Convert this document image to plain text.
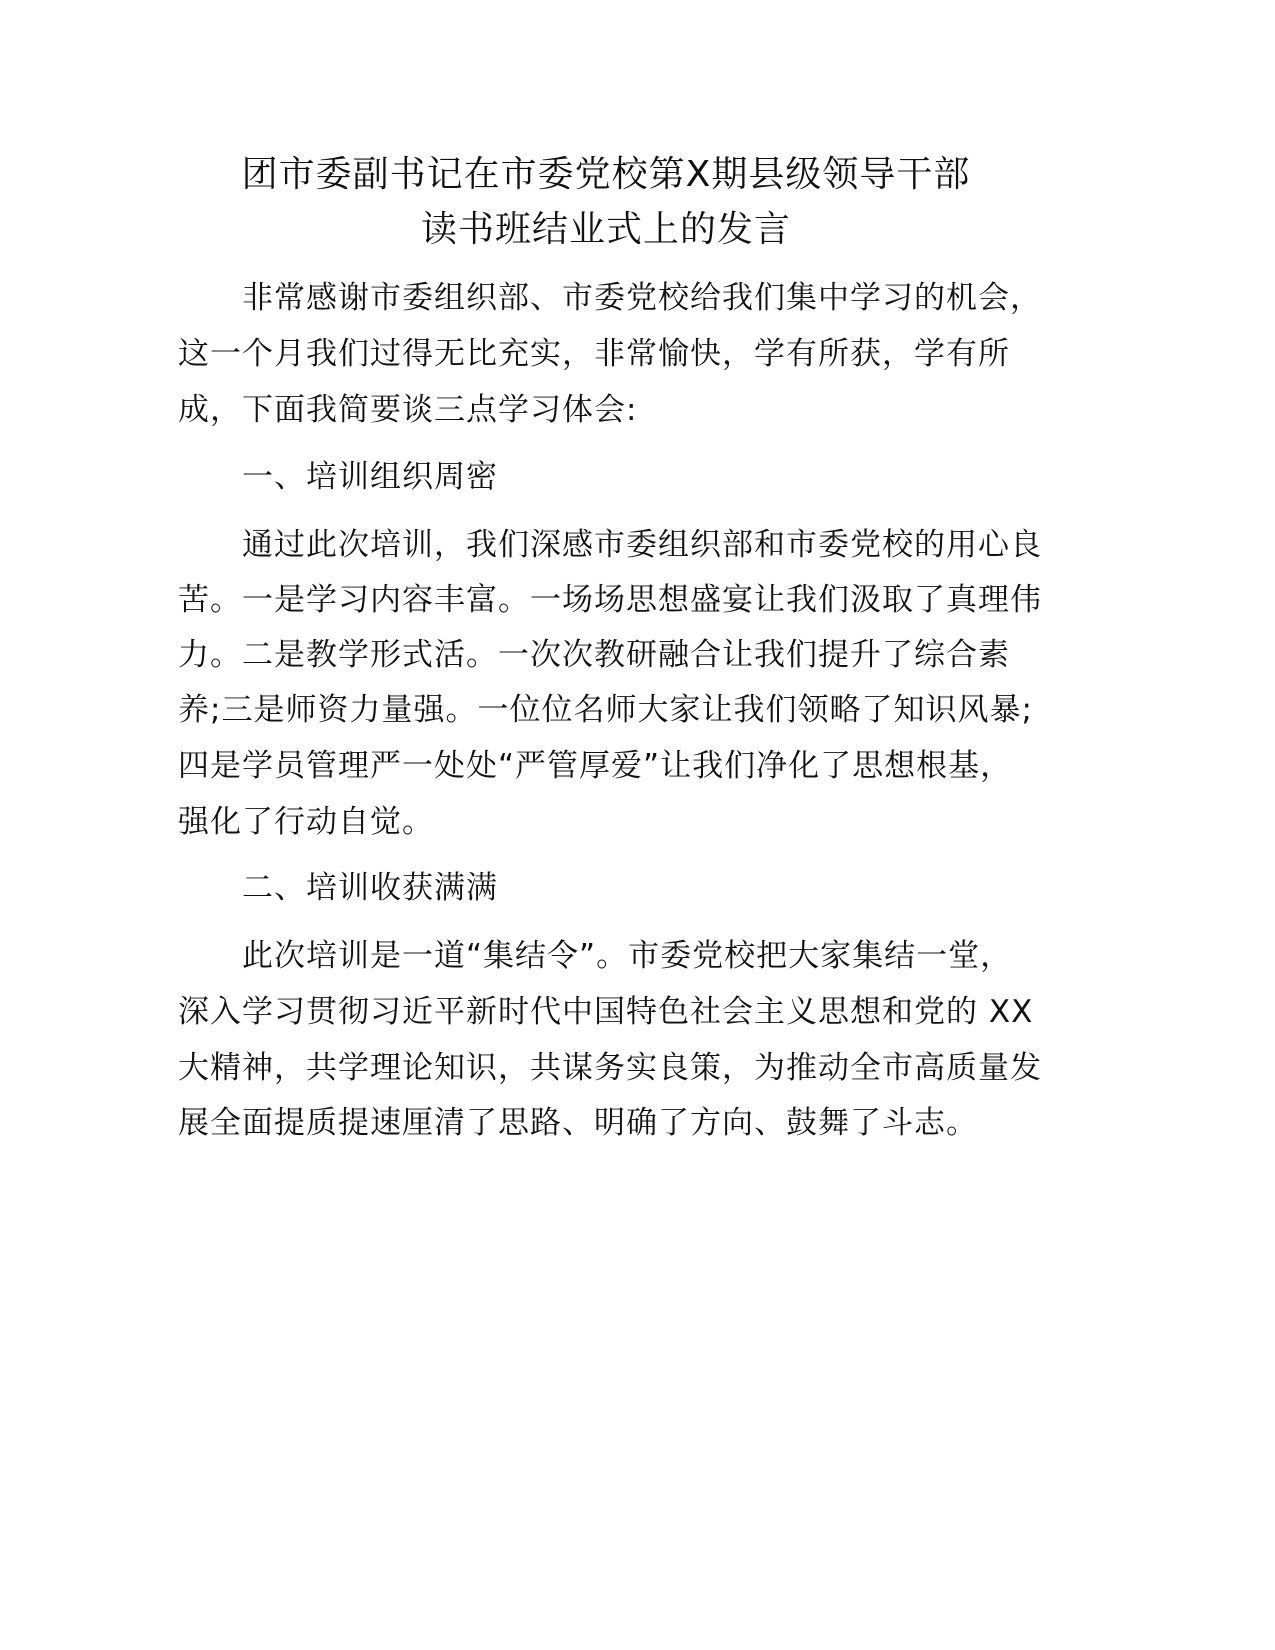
团市委副书记在市委党校第Ⅹ期县级领导干部
读书班结业式上的发言
非常感谢市委组织部、市委党校给我们集中学习的机会，
这一个月我们过得无比充实，非常愉快，学有所获，学有所
成，下面我简要谈三点学习体会:
一、培训组织周密
通过此次培训，我们深感市委组织部和市委党校的用心良
苦。一是学习内容丰富。一场场思想盛宴让我们汲取了真理伟
力。二是教学形式活。一次次教研融合让我们提升了综合素
养;三是师资力量强。一位位名师大家让我们领略了知识风暴;
四是学员管理严一处处“严管厚爱”让我们净化了思想根基，
强化了行动自觉。
二、培训收获满满
此次培训是一道“集结令”。市委党校把大家集结一堂，
深入学习贯彻习近平新时代中国特色社会主义思想和党的 XX
大精神，共学理论知识，共谋务实良策，为推动全市高质量发
展全面提质提速厘清了思路、明确了方向、鼓舞了斗志。
